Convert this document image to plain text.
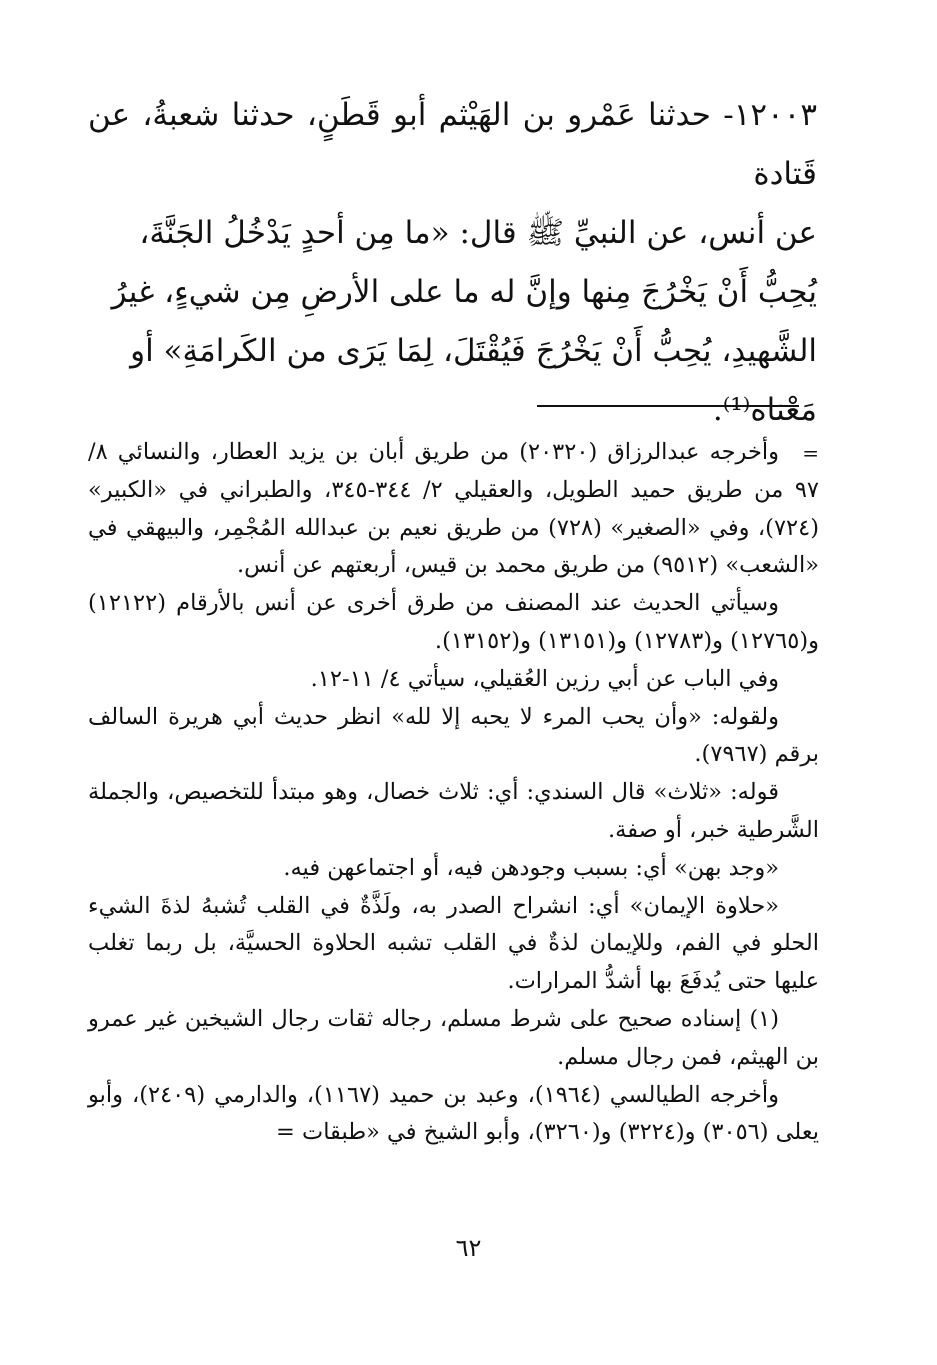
١٢٠٠٣- حدثنا عَمْرو بن الهَيْثم أبو قَطَنٍ، حدثنا شعبةُ، عن قَتادة

عن أنس، عن النبيِّ ﷺ قال: «ما مِن أحدٍ يَدْخُلُ الجَنَّةَ،

يُحِبُّ أَنْ يَخْرُجَ مِنها وإنَّ له ما على الأرضِ مِن شيءٍ، غيرُ

الشَّهيدِ، يُحِبُّ أَنْ يَخْرُجَ فَيُقْتَلَ، لِمَا يَرَى من الكَرامَةِ» أو

مَعْناه⁽¹⁾.

=

وأخرجه عبدالرزاق (٢٠٣٢٠) من طريق أبان بن يزيد العطار، والنسائي ٨/ ٩٧ من طريق حميد الطويل، والعقيلي ٢/ ٣٤٤-٣٤٥، والطبراني في «الكبير» (٧٢٤)، وفي «الصغير» (٧٢٨) من طريق نعيم بن عبدالله المُجْمِر، والبيهقي في «الشعب» (٩٥١٢) من طريق محمد بن قيس، أربعتهم عن أنس.

وسيأتي الحديث عند المصنف من طرق أخرى عن أنس بالأرقام (١٢١٢٢) و(١٢٧٦٥) و(١٢٧٨٣) و(١٣١٥١) و(١٣١٥٢).

وفي الباب عن أبي رزين العُقيلي، سيأتي ٤/ ١١-١٢.

ولقوله: «وأن يحب المرء لا يحبه إلا لله» انظر حديث أبي هريرة السالف برقم (٧٩٦٧).

قوله: «ثلاث» قال السندي: أي: ثلاث خصال، وهو مبتدأ للتخصيص، والجملة الشَّرطية خبر، أو صفة.

«وجد بهن» أي: بسبب وجودهن فيه، أو اجتماعهن فيه.

«حلاوة الإيمان» أي: انشراح الصدر به، ولَذَّةٌ في القلب تُشبهُ لذةَ الشيء الحلو في الفم، وللإيمان لذةٌ في القلب تشبه الحلاوة الحسيَّة، بل ربما تغلب عليها حتى يُدفَعَ بها أشدُّ المرارات.

(١) إسناده صحيح على شرط مسلم، رجاله ثقات رجال الشيخين غير عمرو بن الهيثم، فمن رجال مسلم.

وأخرجه الطيالسي (١٩٦٤)، وعبد بن حميد (١١٦٧)، والدارمي (٢٤٠٩)، وأبو يعلى (٣٠٥٦) و(٣٢٢٤) و(٣٢٦٠)، وأبو الشيخ في «طبقات =

٦٢
